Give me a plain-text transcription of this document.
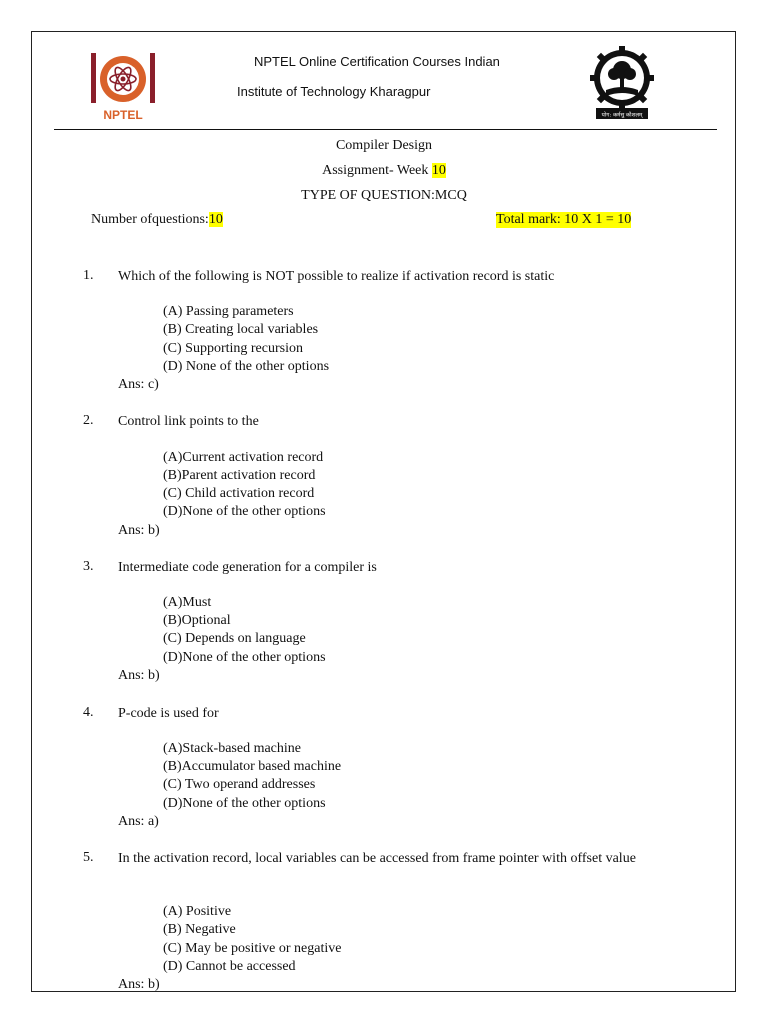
NPTEL
NPTEL Online Certification Courses Indian
Institute of Technology Kharagpur
योग: कर्मसु कौशलम्
Compiler Design
Assignment- Week 10
TYPE OF QUESTION:MCQ
Number ofquestions:10	Total mark: 10 X 1 = 10
1. Which of the following is NOT possible to realize if activation record is static
(A) Passing parameters
(B) Creating local variables
(C) Supporting recursion
(D) None of the other options
Ans: c)
2. Control link points to the
(A)Current activation record
(B)Parent activation record
(C) Child activation record
(D)None of the other options
Ans: b)
3. Intermediate code generation for a compiler is
(A)Must
(B)Optional
(C) Depends on language
(D)None of the other options
Ans: b)
4. P-code is used for
(A)Stack-based machine
(B)Accumulator based machine
(C) Two operand addresses
(D)None of the other options
Ans: a)
5. In the activation record, local variables can be accessed from frame pointer with offset value
(A) Positive
(B) Negative
(C) May be positive or negative
(D) Cannot be accessed
Ans: b)
